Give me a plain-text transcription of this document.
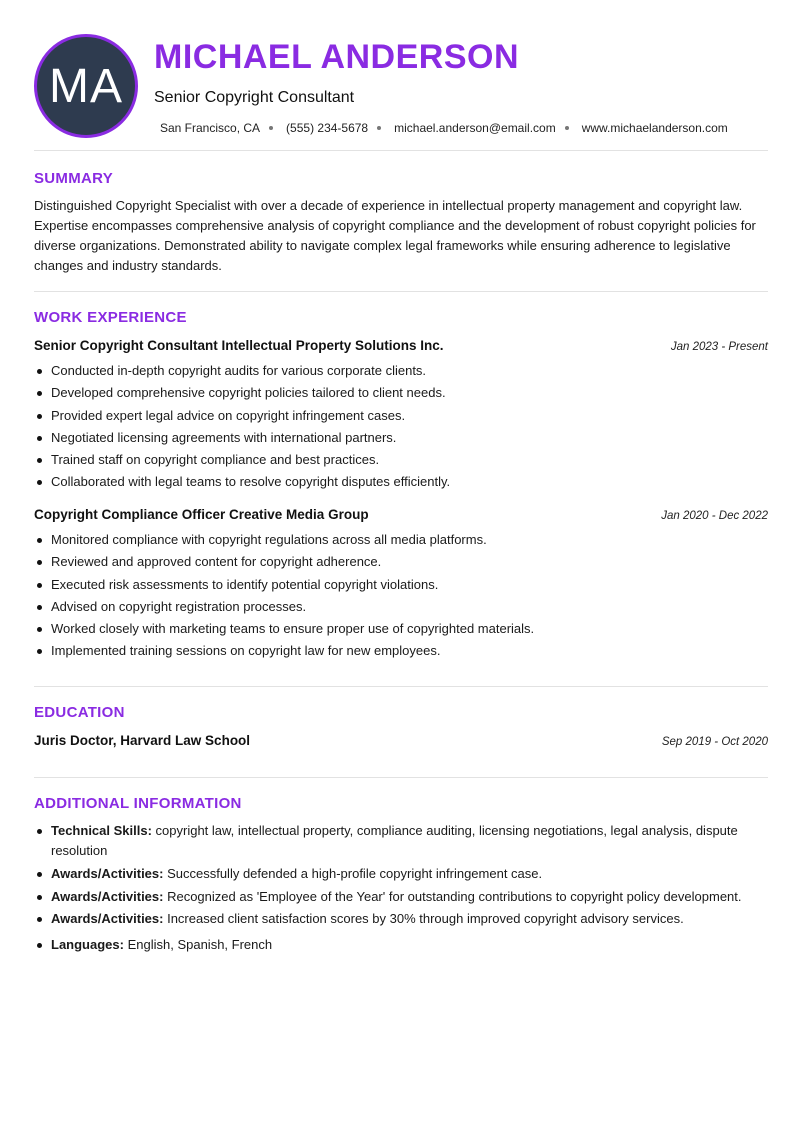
MA
MICHAEL ANDERSON
Senior Copyright Consultant
San Francisco, CA (555) 234-5678 michael.anderson@email.com www.michaelanderson.com
SUMMARY
Distinguished Copyright Specialist with over a decade of experience in intellectual property management and copyright law. Expertise encompasses comprehensive analysis of copyright compliance and the development of robust copyright policies for diverse organizations. Demonstrated ability to navigate complex legal frameworks while ensuring adherence to legislative changes and industry standards.
WORK EXPERIENCE
Senior Copyright Consultant Intellectual Property Solutions Inc.	Jan 2023 - Present
Conducted in-depth copyright audits for various corporate clients.
Developed comprehensive copyright policies tailored to client needs.
Provided expert legal advice on copyright infringement cases.
Negotiated licensing agreements with international partners.
Trained staff on copyright compliance and best practices.
Collaborated with legal teams to resolve copyright disputes efficiently.
Copyright Compliance Officer Creative Media Group	Jan 2020 - Dec 2022
Monitored compliance with copyright regulations across all media platforms.
Reviewed and approved content for copyright adherence.
Executed risk assessments to identify potential copyright violations.
Advised on copyright registration processes.
Worked closely with marketing teams to ensure proper use of copyrighted materials.
Implemented training sessions on copyright law for new employees.
EDUCATION
Juris Doctor, Harvard Law School	Sep 2019 - Oct 2020
ADDITIONAL INFORMATION
Technical Skills: copyright law, intellectual property, compliance auditing, licensing negotiations, legal analysis, dispute resolution
Awards/Activities: Successfully defended a high-profile copyright infringement case.
Awards/Activities: Recognized as 'Employee of the Year' for outstanding contributions to copyright policy development.
Awards/Activities: Increased client satisfaction scores by 30% through improved copyright advisory services.
Languages: English, Spanish, French
